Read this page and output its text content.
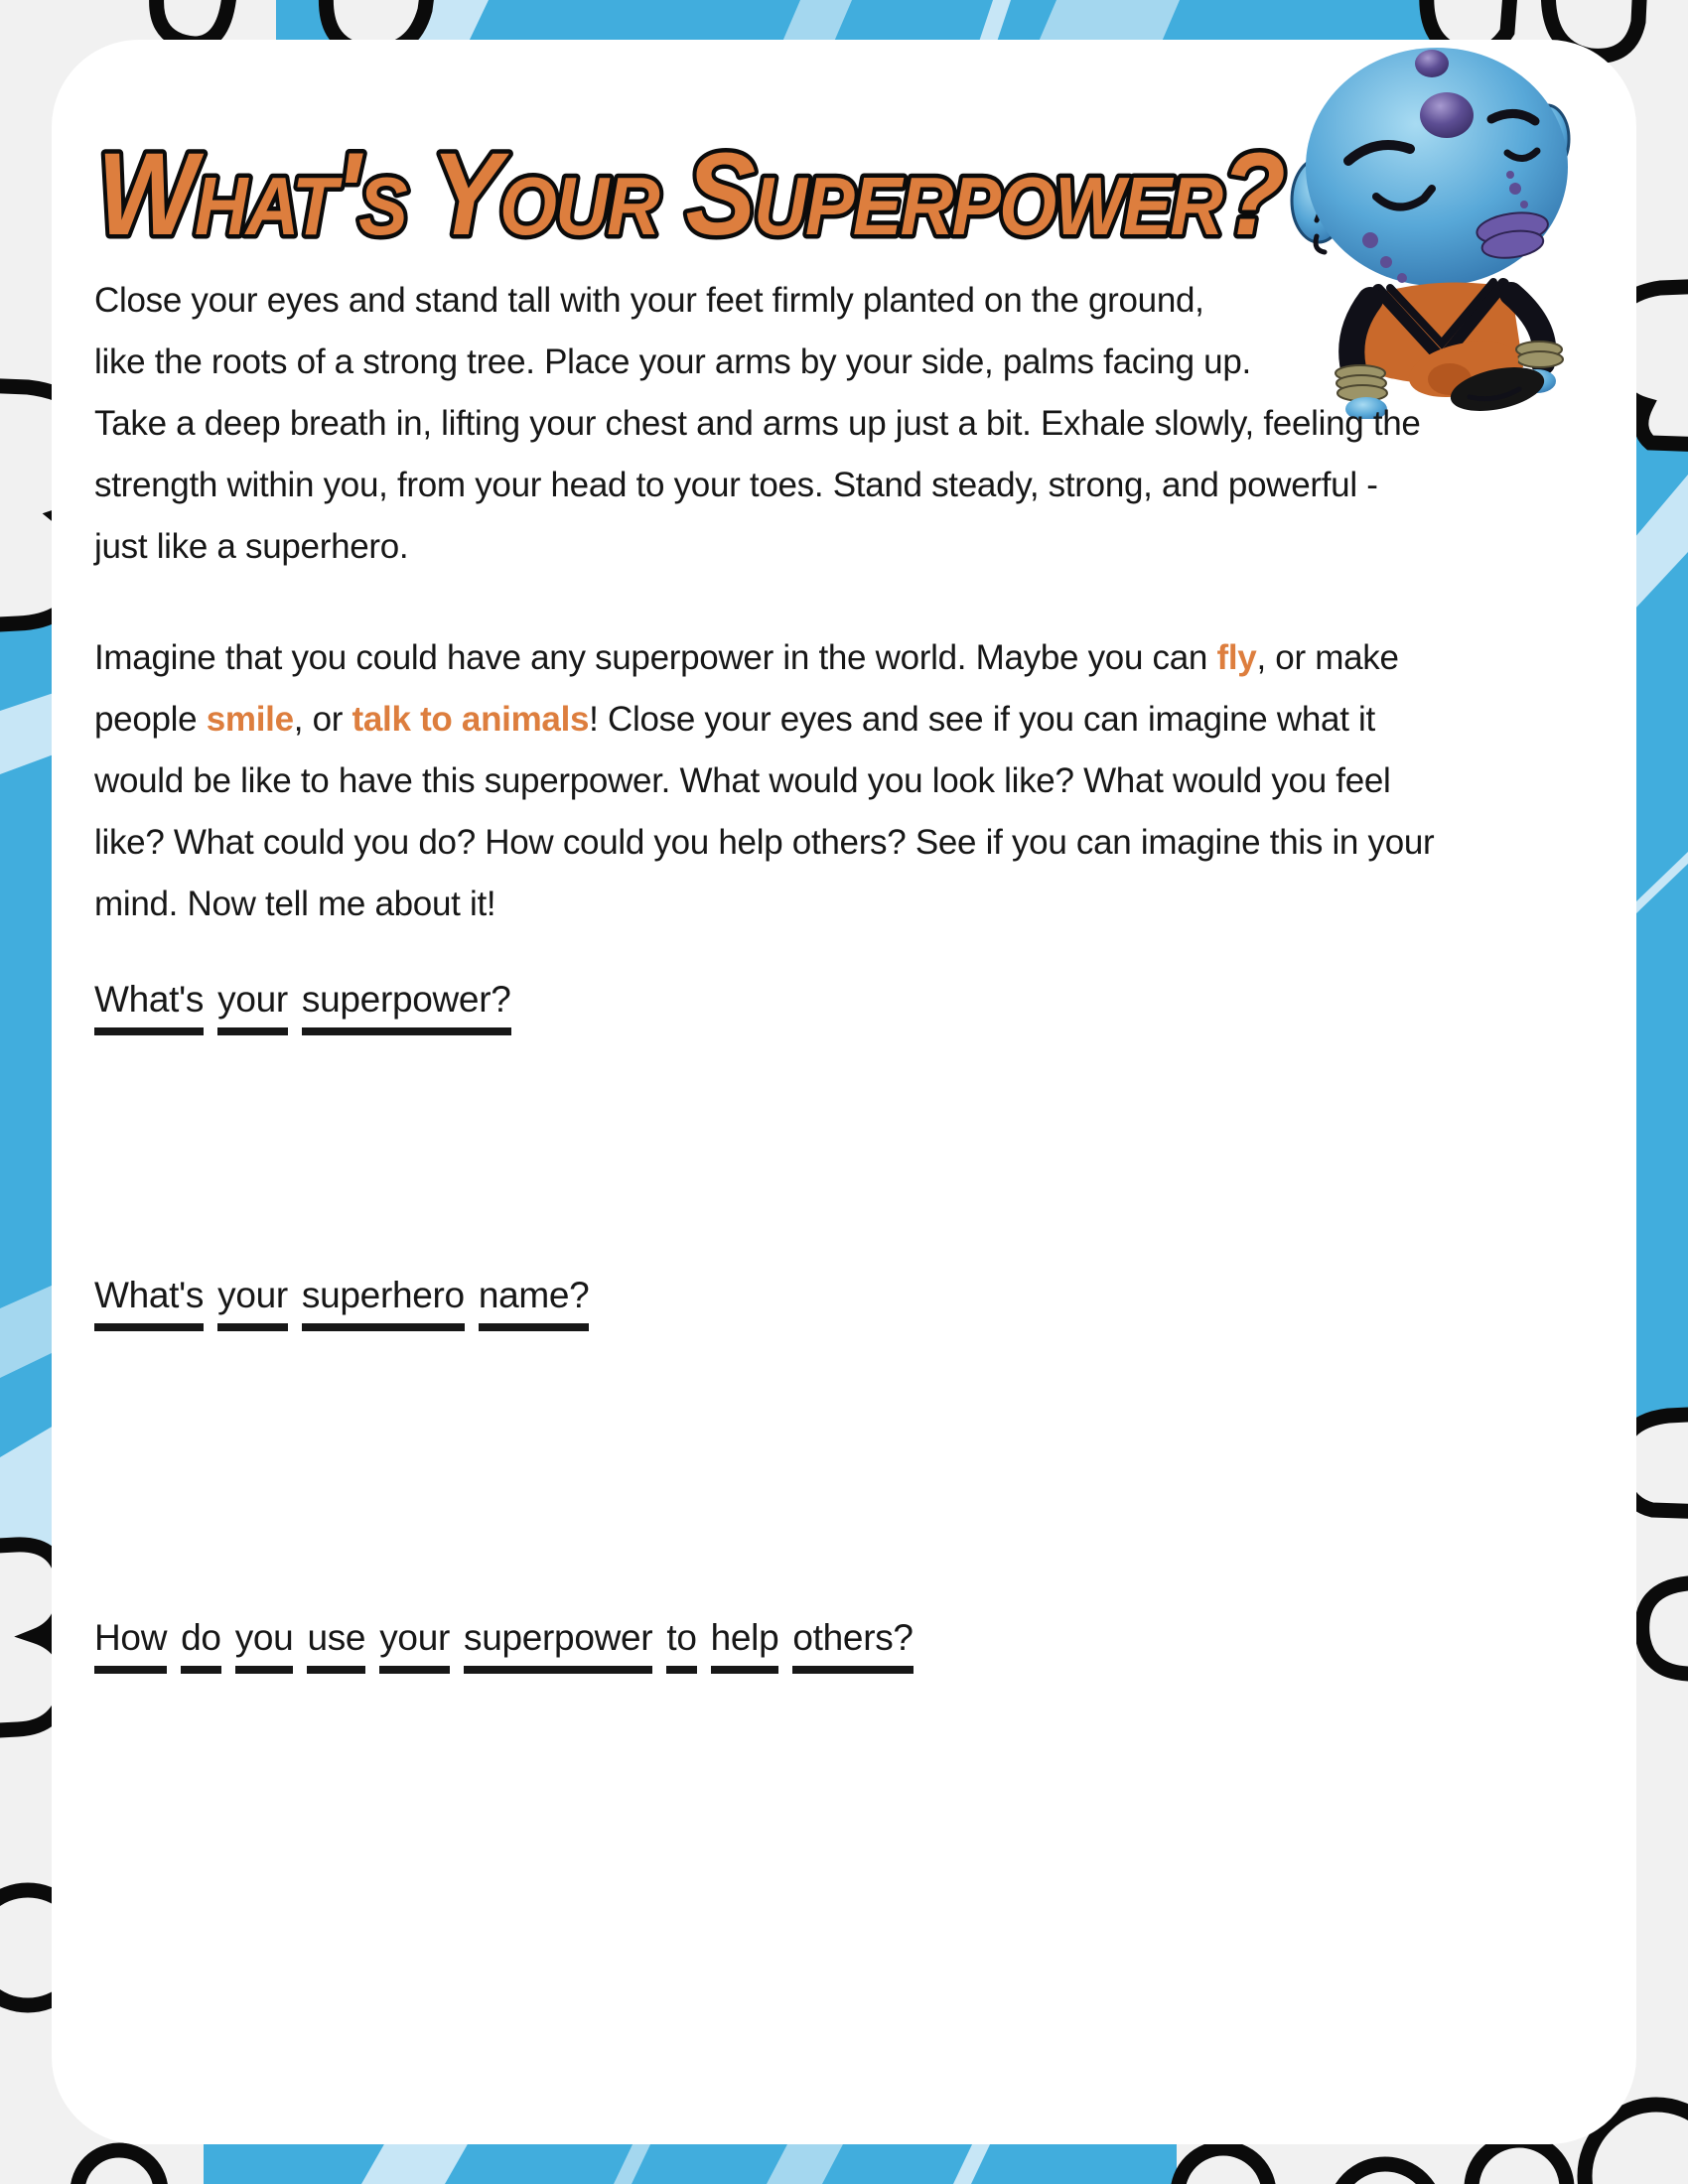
What's Your Superpower?
Close your eyes and stand tall with your feet firmly planted on the ground,
like the roots of a strong tree. Place your arms by your side, palms facing up.
Take a deep breath in, lifting your chest and arms up just a bit. Exhale slowly, feeling the
strength within you, from your head to your toes. Stand steady, strong, and powerful -
just like a superhero.
Imagine that you could have any superpower in the world. Maybe you can fly, or make
people smile, or talk to animals! Close your eyes and see if you can imagine what it
would be like to have this superpower. What would you look like? What would you feel
like? What could you do? How could you help others? See if you can imagine this in your
mind. Now tell me about it!
What's your superpower?
What's your superhero name?
How do you use your superpower to help others?
